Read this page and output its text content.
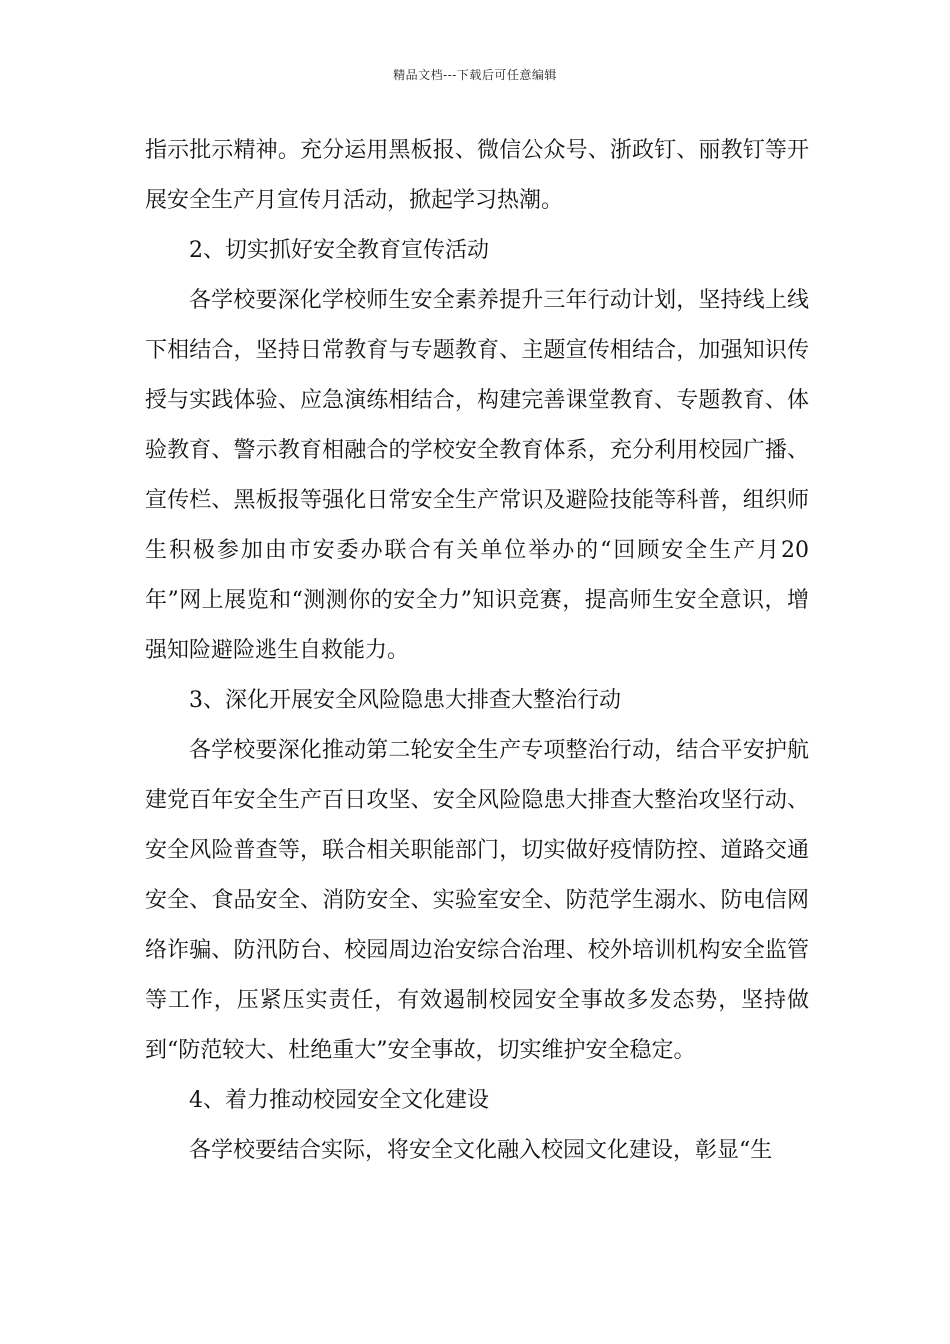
精品文档---下载后可任意编辑

指示批示精神。充分运用黑板报、微信公众号、浙政钉、丽教钉等开展安全生产月宣传月活动，掀起学习热潮。

2、切实抓好安全教育宣传活动

各学校要深化学校师生安全素养提升三年行动计划，坚持线上线下相结合，坚持日常教育与专题教育、主题宣传相结合，加强知识传授与实践体验、应急演练相结合，构建完善课堂教育、专题教育、体验教育、警示教育相融合的学校安全教育体系，充分利用校园广播、宣传栏、黑板报等强化日常安全生产常识及避险技能等科普，组织师生积极参加由市安委办联合有关单位举办的“回顾安全生产月20年”网上展览和“测测你的安全力”知识竞赛，提高师生安全意识，增强知险避险逃生自救能力。

3、深化开展安全风险隐患大排查大整治行动

各学校要深化推动第二轮安全生产专项整治行动，结合平安护航建党百年安全生产百日攻坚、安全风险隐患大排查大整治攻坚行动、安全风险普查等，联合相关职能部门，切实做好疫情防控、道路交通安全、食品安全、消防安全、实验室安全、防范学生溺水、防电信网络诈骗、防汛防台、校园周边治安综合治理、校外培训机构安全监管等工作，压紧压实责任，有效遏制校园安全事故多发态势，坚持做到“防范较大、杜绝重大”安全事故，切实维护安全稳定。

4、着力推动校园安全文化建设

各学校要结合实际，将安全文化融入校园文化建设，彰显“生
